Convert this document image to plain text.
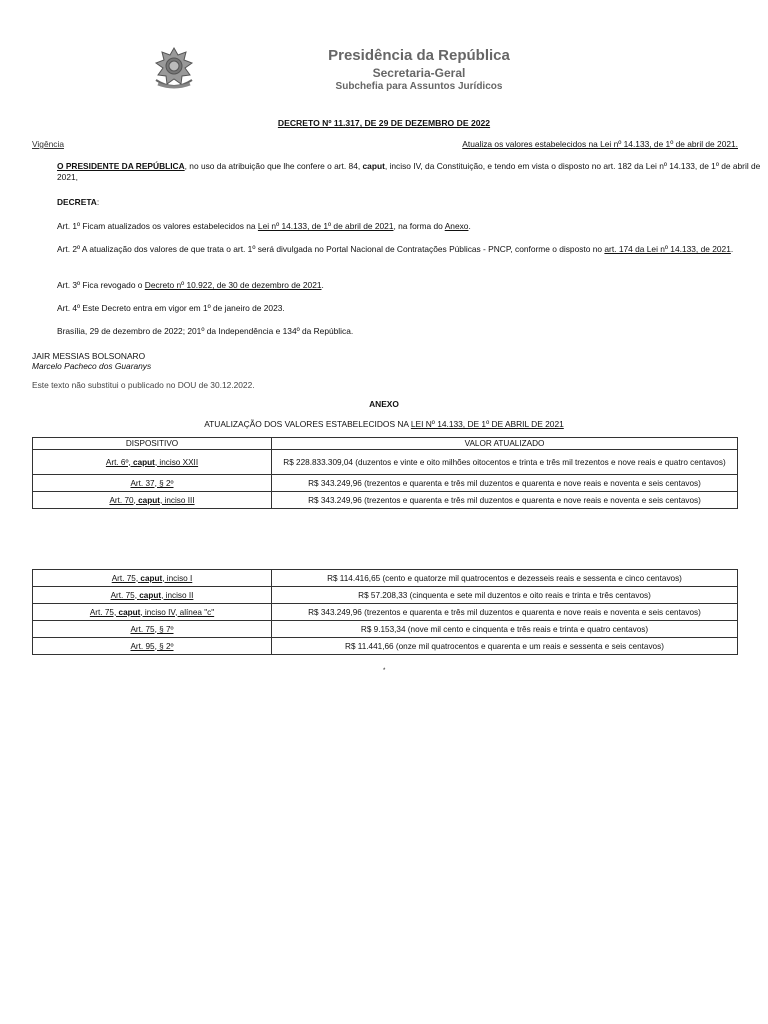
Presidência da República
Secretaria-Geral
Subchefia para Assuntos Jurídicos
DECRETO Nº 11.317, DE 29 DE DEZEMBRO DE 2022
Vigência	Atualiza os valores estabelecidos na Lei nº 14.133, de 1º de abril de 2021.
O PRESIDENTE DA REPÚBLICA, no uso da atribuição que lhe confere o art. 84, caput, inciso IV, da Constituição, e tendo em vista o disposto no art. 182 da Lei nº 14.133, de 1º de abril de 2021,
DECRETA:
Art. 1º Ficam atualizados os valores estabelecidos na Lei nº 14.133, de 1º de abril de 2021, na forma do Anexo.
Art. 2º A atualização dos valores de que trata o art. 1º será divulgada no Portal Nacional de Contratações Públicas - PNCP, conforme o disposto no art. 174 da Lei nº 14.133, de 2021.
Art. 3º Fica revogado o Decreto nº 10.922, de 30 de dezembro de 2021.
Art. 4º Este Decreto entra em vigor em 1º de janeiro de 2023.
Brasília, 29 de dezembro de 2022; 201º da Independência e 134º da República.
JAIR MESSIAS BOLSONARO
Marcelo Pacheco dos Guaranys
Este texto não substitui o publicado no DOU de 30.12.2022.
ANEXO
ATUALIZAÇÃO DOS VALORES ESTABELECIDOS NA LEI Nº 14.133, DE 1º DE ABRIL DE 2021
DISPOSITIVO	VALOR ATUALIZADO
Art. 6º, caput, inciso XXII	R$ 228.833.309,04 (duzentos e vinte e oito milhões oitocentos e trinta e três mil trezentos e nove reais e quatro centavos)
Art. 37, § 2º	R$ 343.249,96 (trezentos e quarenta e três mil duzentos e quarenta e nove reais e noventa e seis centavos)
Art. 70, caput, inciso III	R$ 343.249,96 (trezentos e quarenta e três mil duzentos e quarenta e nove reais e noventa e seis centavos)
Art. 75, caput, inciso I	R$ 114.416,65 (cento e quatorze mil quatrocentos e dezesseis reais e sessenta e cinco centavos)
Art. 75, caput, inciso II	R$ 57.208,33 (cinquenta e sete mil duzentos e oito reais e trinta e três centavos)
Art. 75, caput, inciso IV, alínea "c"	R$ 343.249,96 (trezentos e quarenta e três mil duzentos e quarenta e nove reais e noventa e seis centavos)
Art. 75, § 7º	R$ 9.153,34 (nove mil cento e cinquenta e três reais e trinta e quatro centavos)
Art. 95, § 2º	R$ 11.441,66 (onze mil quatrocentos e quarenta e um reais e sessenta e seis centavos)
*
